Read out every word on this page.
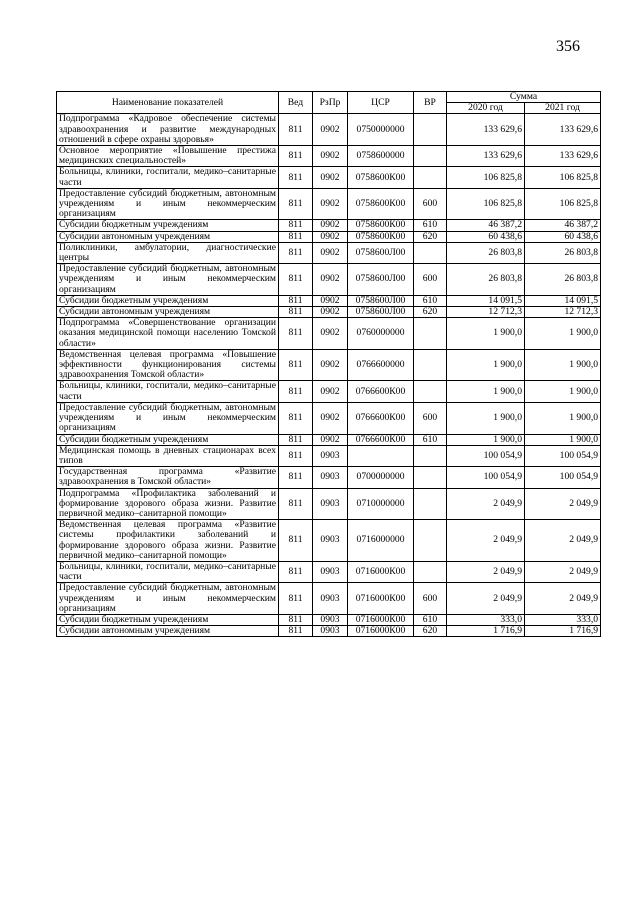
356
Наименование показателей	Вед	РзПр	ЦСР	ВР	Сумма	
					2020 год	2021 год
Подпрограмма «Кадровое обеспечение системы здравоохранения и развитие международных отношений в сфере охраны здоровья»	811	0902	0750000000		133 629,6	133 629,6
Основное мероприятие «Повышение престижа медицинских специальностей»	811	0902	0758600000		133 629,6	133 629,6
Больницы, клиники, госпитали, медико–санитарные части	811	0902	0758600К00		106 825,8	106 825,8
Предоставление субсидий бюджетным, автономным учреждениям и иным некоммерческим организациям	811	0902	0758600К00	600	106 825,8	106 825,8
Субсидии бюджетным учреждениям	811	0902	0758600К00	610	46 387,2	46 387,2
Субсидии автономным учреждениям	811	0902	0758600К00	620	60 438,6	60 438,6
Поликлиники, амбулатории, диагностические центры	811	0902	0758600Л00		26 803,8	26 803,8
Предоставление субсидий бюджетным, автономным учреждениям и иным некоммерческим организациям	811	0902	0758600Л00	600	26 803,8	26 803,8
Субсидии бюджетным учреждениям	811	0902	0758600Л00	610	14 091,5	14 091,5
Субсидии автономным учреждениям	811	0902	0758600Л00	620	12 712,3	12 712,3
Подпрограмма «Совершенствование организации оказания медицинской помощи населению Томской области»	811	0902	0760000000		1 900,0	1 900,0
Ведомственная целевая программа «Повышение эффективности функционирования системы здравоохранения Томской области»	811	0902	0766600000		1 900,0	1 900,0
Больницы, клиники, госпитали, медико–санитарные части	811	0902	0766600К00		1 900,0	1 900,0
Предоставление субсидий бюджетным, автономным учреждениям и иным некоммерческим организациям	811	0902	0766600К00	600	1 900,0	1 900,0
Субсидии бюджетным учреждениям	811	0902	0766600К00	610	1 900,0	1 900,0
Медицинская помощь в дневных стационарах всех типов	811	0903			100 054,9	100 054,9
Государственная программа «Развитие здравоохранения в Томской области»	811	0903	0700000000		100 054,9	100 054,9
Подпрограмма «Профилактика заболеваний и формирование здорового образа жизни. Развитие первичной медико–санитарной помощи»	811	0903	0710000000		2 049,9	2 049,9
Ведомственная целевая программа «Развитие системы профилактики заболеваний и формирование здорового образа жизни. Развитие первичной медико–санитарной помощи»	811	0903	0716000000		2 049,9	2 049,9
Больницы, клиники, госпитали, медико–санитарные части	811	0903	0716000К00		2 049,9	2 049,9
Предоставление субсидий бюджетным, автономным учреждениям и иным некоммерческим организациям	811	0903	0716000К00	600	2 049,9	2 049,9
Субсидии бюджетным учреждениям	811	0903	0716000К00	610	333,0	333,0
Субсидии автономным учреждениям	811	0903	0716000К00	620	1 716,9	1 716,9
